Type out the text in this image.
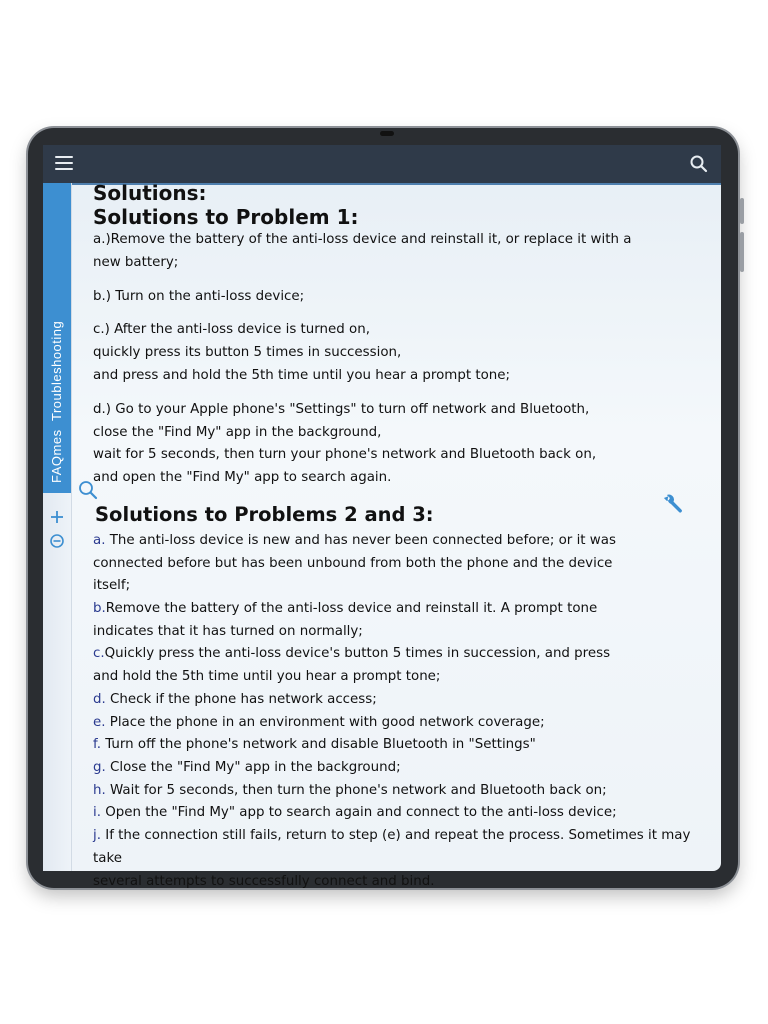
Troubleshooting
FAQmes
Solutions:
Solutions to Problem 1:
a.)Remove the battery of the anti-loss device and reinstall it, or replace it with a
new battery;
b.) Turn on the anti-loss device;
c.) After the anti-loss device is turned on,
quickly press its button 5 times in succession,
and press and hold the 5th time until you hear a prompt tone;
d.) Go to your Apple phone's "Settings" to turn off network and Bluetooth,
close the "Find My" app in the background,
wait for 5 seconds, then turn your phone's network and Bluetooth back on,
and open the "Find My" app to search again.
Solutions to Problems 2 and 3:
a. The anti-loss device is new and has never been connected before; or it was
connected before but has been unbound from both the phone and the device
itself;
b.Remove the battery of the anti-loss device and reinstall it. A prompt tone
indicates that it has turned on normally;
c.Quickly press the anti-loss device's button 5 times in succession, and press
and hold the 5th time until you hear a prompt tone;
d. Check if the phone has network access;
e. Place the phone in an environment with good network coverage;
f. Turn off the phone's network and disable Bluetooth in "Settings"
g. Close the "Find My" app in the background;
h. Wait for 5 seconds, then turn the phone's network and Bluetooth back on;
i. Open the "Find My" app to search again and connect to the anti-loss device;
j. If the connection still fails, return to step (e) and repeat the process. Sometimes it may take
several attempts to successfully connect and bind.
